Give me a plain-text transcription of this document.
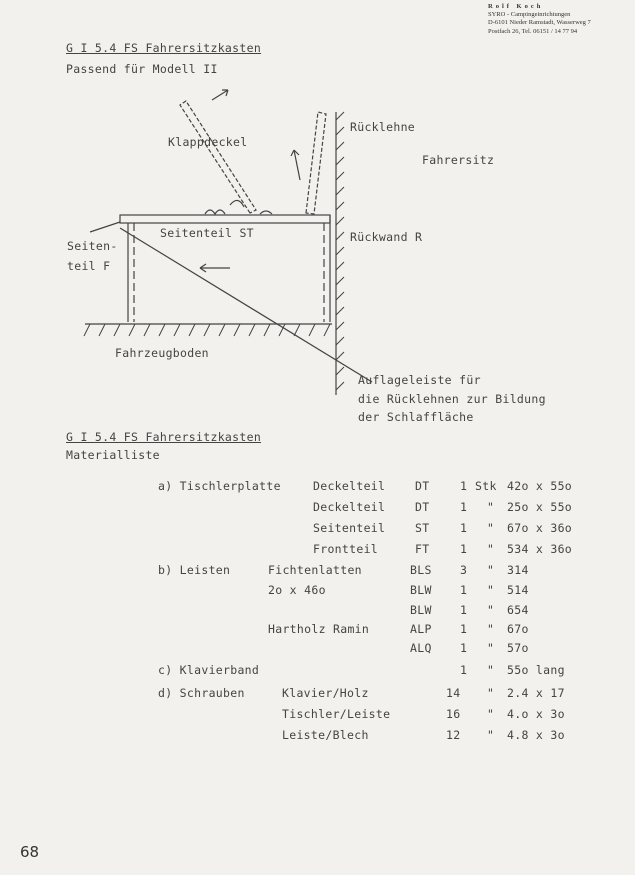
Rolf Koch
SYRO - Campingeinrichtungen
D-6101 Nieder Ramstadt, Wasserweg 7
Postfach 26, Tel. 06151 / 14 77 94
G I 5.4 FS Fahrersitzkasten
Passend für Modell II
Klappdeckel
Rücklehne
Fahrersitz
Seitenteil ST	Rückwand R
Seiten-
teil F
Fahrzeugboden
Auflageleiste für
die Rücklehnen zur Bildung
der Schlaffläche
G I 5.4 FS Fahrersitzkasten
Materialliste
a) Tischlerplatte	Deckelteil	DT	1 Stk 42o x 55o
Deckelteil	DT	1 " 25o x 55o
Seitenteil	ST	1 " 67o x 36o
Frontteil	FT	1 " 534 x 36o
b) Leisten	Fichtenlatten	BLS 3 " 314
2o x 46o	BLW 1 " 514
BLW 1 " 654
Hartholz Ramin	ALP 1 " 67o
ALQ 1 " 57o
c) Klavierband	1 " 55o lang
d) Schrauben	Klavier/Holz	14 " 2.4 x 17
Tischler/Leiste	16 " 4.o x 3o
Leiste/Blech	12 " 4.8 x 3o
68
